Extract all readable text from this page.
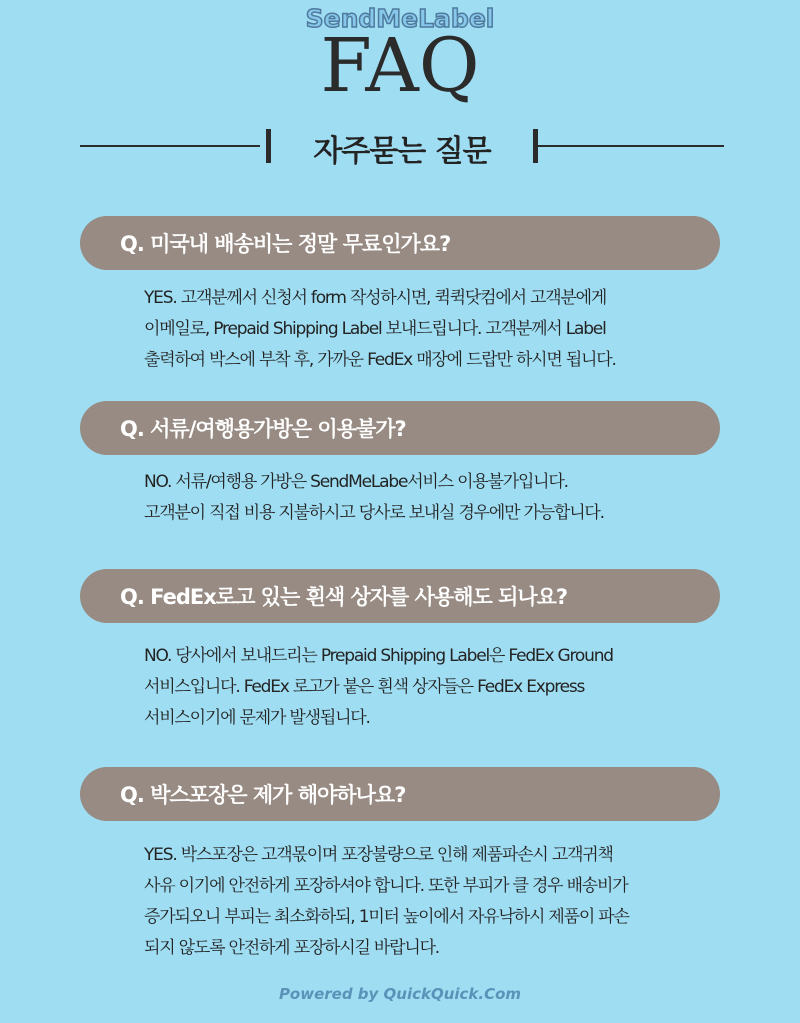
SendMeLabel
FAQ
자주묻는 질문
Q. 미국내 배송비는 정말 무료인가요?
YES. 고객분께서 신청서 form 작성하시면, 퀵퀵닷컴에서 고객분에게
이메일로, Prepaid Shipping Label 보내드립니다. 고객분께서 Label
출력하여 박스에 부착 후, 가까운 FedEx 매장에 드랍만 하시면 됩니다.
Q. 서류/여행용가방은 이용불가?
NO. 서류/여행용 가방은 SendMeLabe서비스 이용불가입니다.
고객분이 직접 비용 지불하시고 당사로 보내실 경우에만 가능합니다.
Q. FedEx로고 있는 흰색 상자를 사용해도 되나요?
NO. 당사에서 보내드리는 Prepaid Shipping Label은 FedEx Ground
서비스입니다. FedEx 로고가 붙은 흰색 상자들은 FedEx Express
서비스이기에 문제가 발생됩니다.
Q. 박스포장은 제가 해야하나요?
YES. 박스포장은 고객몫이며 포장불량으로 인해 제품파손시 고객귀책
사유 이기에 안전하게 포장하셔야 합니다. 또한 부피가 클 경우 배송비가
증가되오니 부피는 최소화하되, 1미터 높이에서 자유낙하시 제품이 파손
되지 않도록 안전하게 포장하시길 바랍니다.
Powered by QuickQuick.Com
